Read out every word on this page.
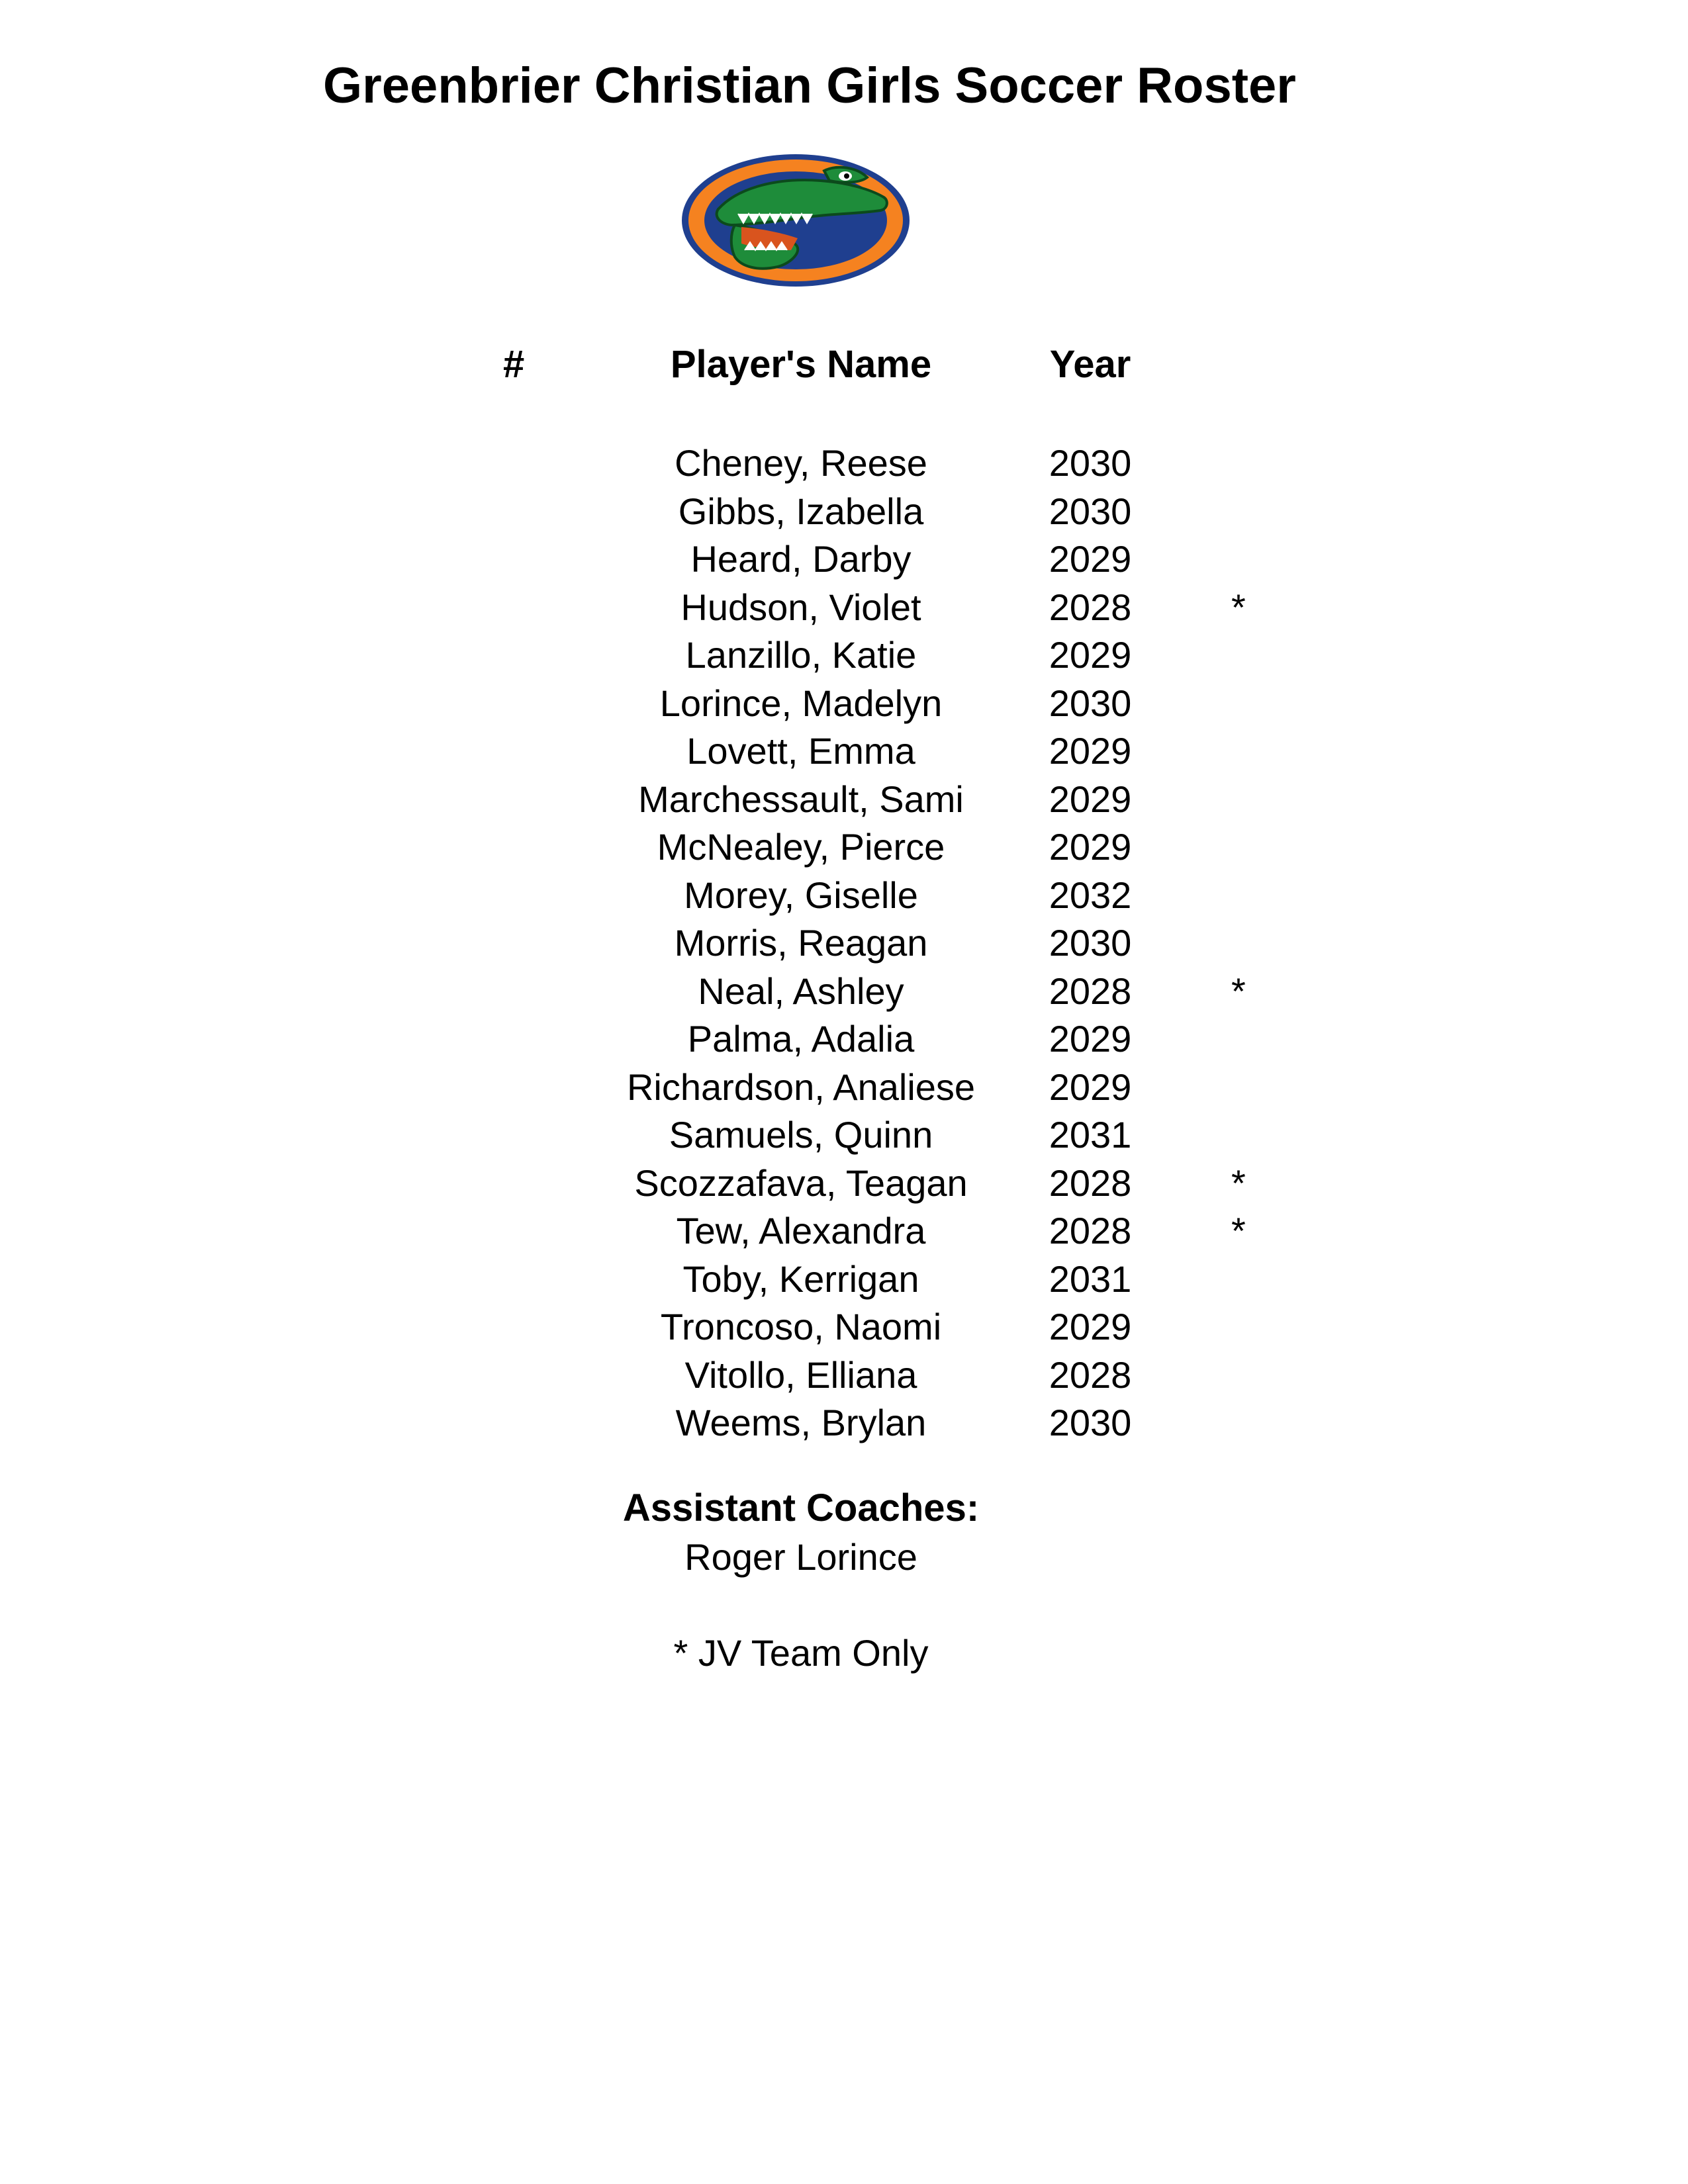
Greenbrier Christian Girls Soccer Roster
#	Player's Name	Year
Cheney, Reese	2030
Gibbs, Izabella	2030
Heard, Darby	2029
Hudson, Violet	2028	*
Lanzillo, Katie	2029
Lorince, Madelyn	2030
Lovett, Emma	2029
Marchessault, Sami 2029
McNealey, Pierce	2029
Morey, Giselle	2032
Morris, Reagan	2030
Neal, Ashley	2028	*
Palma, Adalia	2029
Richardson, Analiese 2029
Samuels, Quinn	2031
Scozzafava, Teagan 2028	*
Tew, Alexandra	2028	*
Toby, Kerrigan	2031
Troncoso, Naomi	2029
Vitollo, Elliana	2028
Weems, Brylan	2030
Assistant Coaches:
Roger Lorince
* JV Team Only
